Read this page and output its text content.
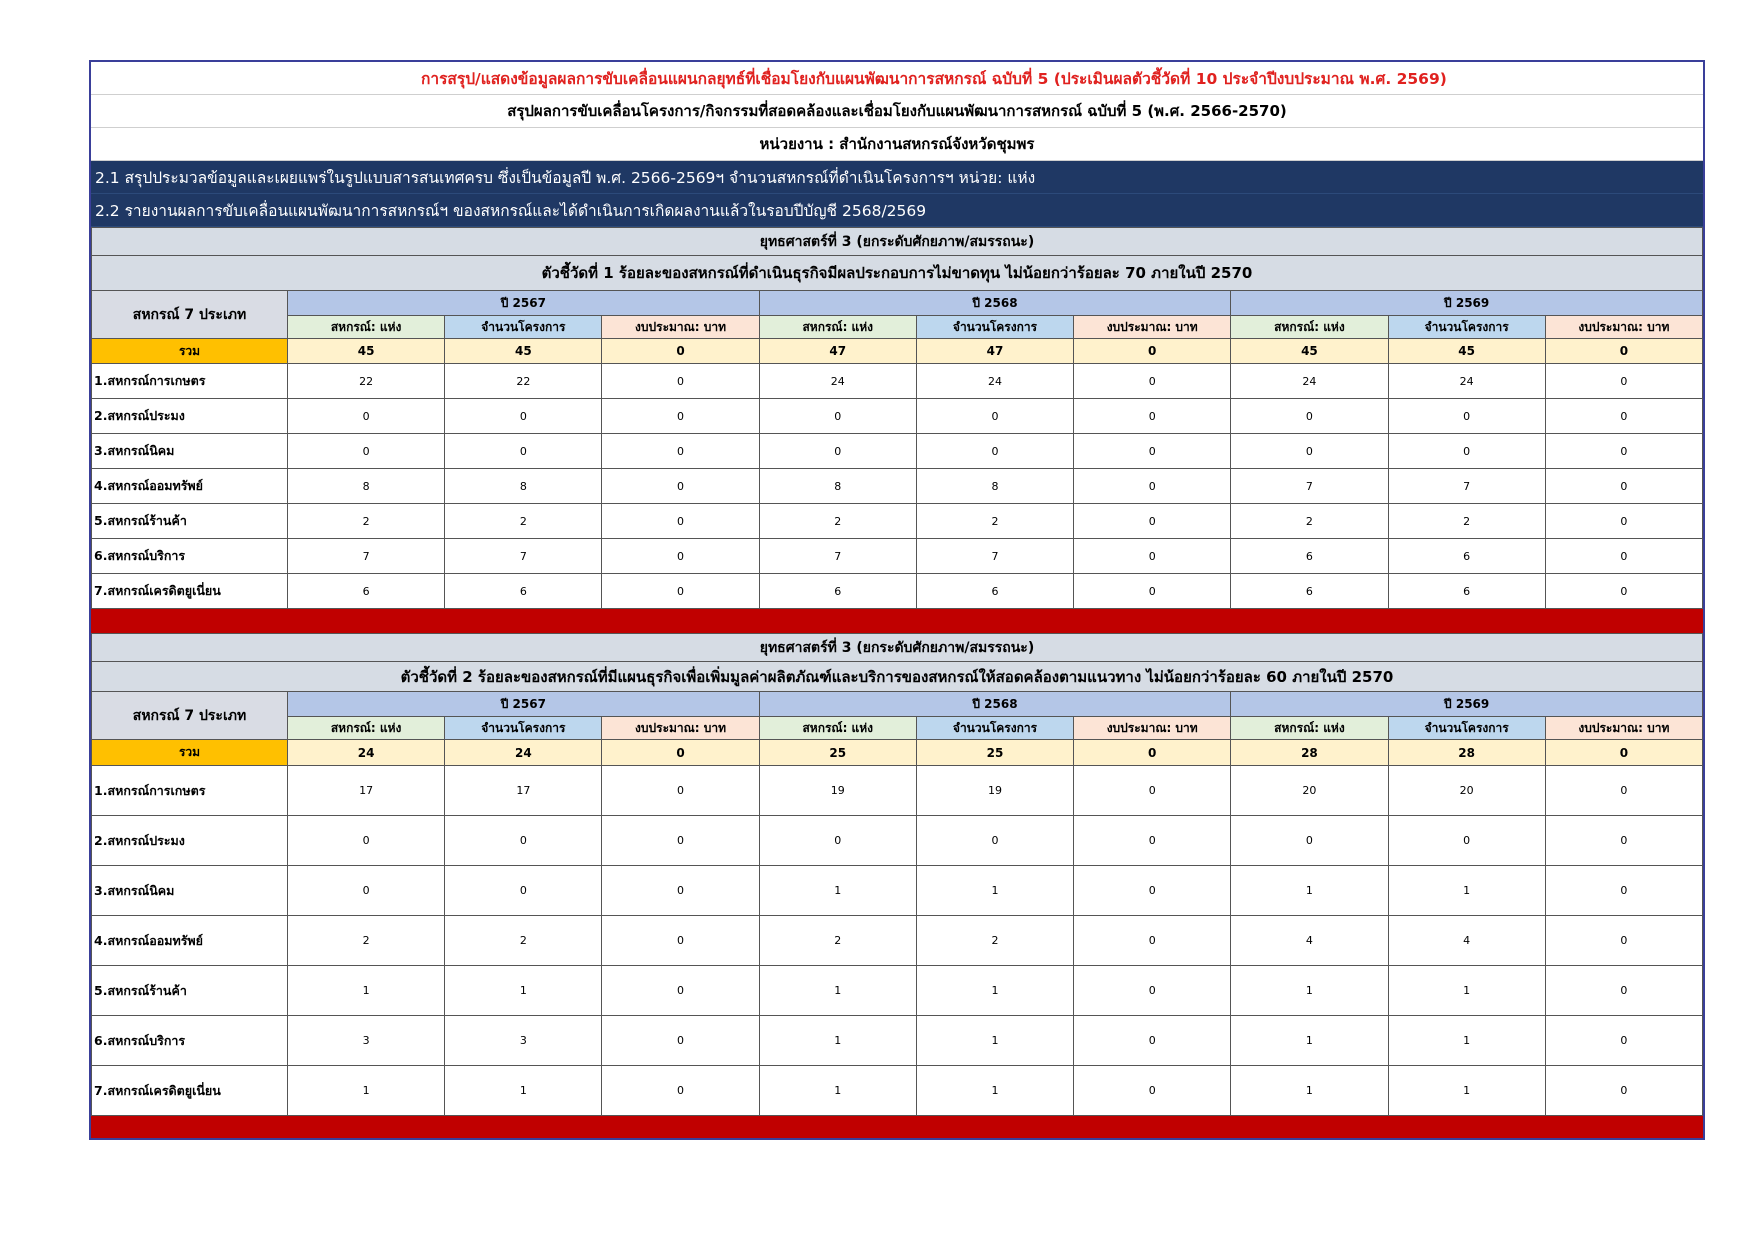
การสรุป/แสดงข้อมูลผลการขับเคลื่อนแผนกลยุทธ์ที่เชื่อมโยงกับแผนพัฒนาการสหกรณ์ ฉบับที่ 5 (ประเมินผลตัวชี้วัดที่ 10 ประจำปีงบประมาณ พ.ศ. 2569)
สรุปผลการขับเคลื่อนโครงการ/กิจกรรมที่สอดคล้องและเชื่อมโยงกับแผนพัฒนาการสหกรณ์ ฉบับที่ 5 (พ.ศ. 2566-2570)
หน่วยงาน : สำนักงานสหกรณ์จังหวัดชุมพร
2.1 สรุปประมวลข้อมูลและเผยแพร่ในรูปแบบสารสนเทศครบ ซึ่งเป็นข้อมูลปี พ.ศ. 2566-2569ฯ จำนวนสหกรณ์ที่ดำเนินโครงการฯ หน่วย: แห่ง
2.2 รายงานผลการขับเคลื่อนแผนพัฒนาการสหกรณ์ฯ ของสหกรณ์และได้ดำเนินการเกิดผลงานแล้วในรอบปีบัญชี 2568/2569
ยุทธศาสตร์ที่ 3 (ยกระดับศักยภาพ/สมรรถนะ)									
ตัวชี้วัดที่ 1 ร้อยละของสหกรณ์ที่ดำเนินธุรกิจมีผลประกอบการไม่ขาดทุน ไม่น้อยกว่าร้อยละ 70 ภายในปี 2570									
สหกรณ์ 7 ประเภท	ปี 2567			ปี 2568			ปี 2569		
	สหกรณ์: แห่ง	จำนวนโครงการ	งบประมาณ: บาท	สหกรณ์: แห่ง	จำนวนโครงการ	งบประมาณ: บาท	สหกรณ์: แห่ง	จำนวนโครงการ	งบประมาณ: บาท
รวม	45	45	0	47	47	0	45	45	0
1.สหกรณ์การเกษตร	22	22	0	24	24	0	24	24	0
2.สหกรณ์ประมง	0	0	0	0	0	0	0	0	0
3.สหกรณ์นิคม	0	0	0	0	0	0	0	0	0
4.สหกรณ์ออมทรัพย์	8	8	0	8	8	0	7	7	0
5.สหกรณ์ร้านค้า	2	2	0	2	2	0	2	2	0
6.สหกรณ์บริการ	7	7	0	7	7	0	6	6	0
7.สหกรณ์เครดิตยูเนี่ยน	6	6	0	6	6	0	6	6	0

ยุทธศาสตร์ที่ 3 (ยกระดับศักยภาพ/สมรรถนะ)									
ตัวชี้วัดที่ 2 ร้อยละของสหกรณ์ที่มีแผนธุรกิจเพื่อเพิ่มมูลค่าผลิตภัณฑ์และบริการของสหกรณ์ให้สอดคล้องตามแนวทาง ไม่น้อยกว่าร้อยละ 60 ภายในปี 2570									
สหกรณ์ 7 ประเภท	ปี 2567			ปี 2568			ปี 2569		
	สหกรณ์: แห่ง	จำนวนโครงการ	งบประมาณ: บาท	สหกรณ์: แห่ง	จำนวนโครงการ	งบประมาณ: บาท	สหกรณ์: แห่ง	จำนวนโครงการ	งบประมาณ: บาท
รวม	24	24	0	25	25	0	28	28	0
1.สหกรณ์การเกษตร	17	17	0	19	19	0	20	20	0
2.สหกรณ์ประมง	0	0	0	0	0	0	0	0	0
3.สหกรณ์นิคม	0	0	0	1	1	0	1	1	0
4.สหกรณ์ออมทรัพย์	2	2	0	2	2	0	4	4	0
5.สหกรณ์ร้านค้า	1	1	0	1	1	0	1	1	0
6.สหกรณ์บริการ	3	3	0	1	1	0	1	1	0
7.สหกรณ์เครดิตยูเนี่ยน	1	1	0	1	1	0	1	1	0
